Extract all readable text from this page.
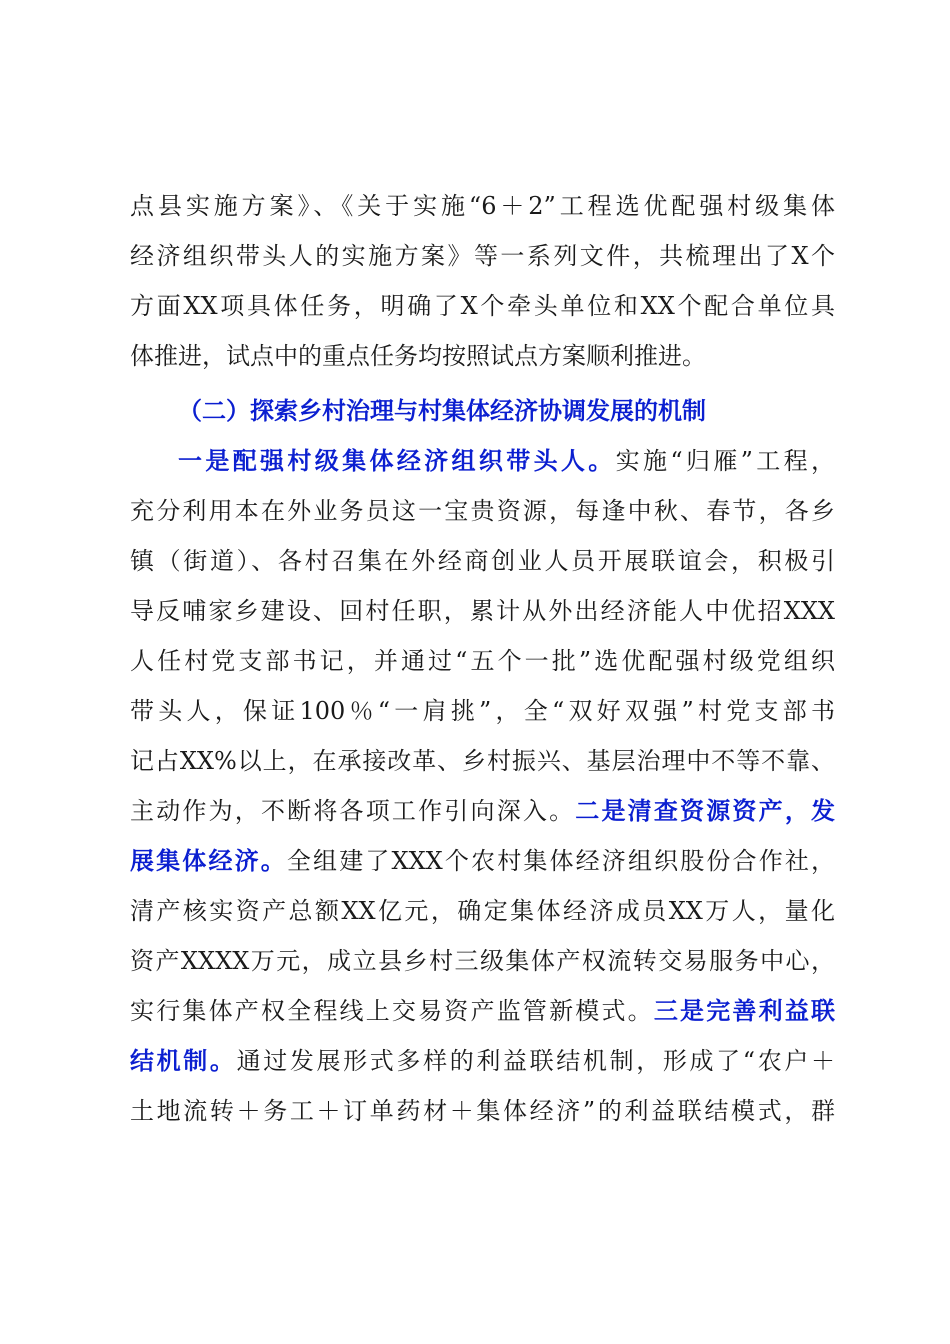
点县实施方案》、《关于实施“6＋2”工程选优配强村级集体
经济组织带头人的实施方案》等一系列文件，共梳理出了X个
方面XX项具体任务，明确了X个牵头单位和XX个配合单位具
体推进，试点中的重点任务均按照试点方案顺利推进。
（二）探索乡村治理与村集体经济协调发展的机制
一是配强村级集体经济组织带头人。实施“归雁”工程，
充分利用本在外业务员这一宝贵资源，每逢中秋、春节，各乡
镇（街道）、各村召集在外经商创业人员开展联谊会，积极引
导反哺家乡建设、回村任职，累计从外出经济能人中优招XXX
人任村党支部书记，并通过“五个一批”选优配强村级党组织
带头人，保证100％“一肩挑”，全“双好双强”村党支部书
记占XX%以上，在承接改革、乡村振兴、基层治理中不等不靠、
主动作为，不断将各项工作引向深入。二是清查资源资产，发
展集体经济。全组建了XXX个农村集体经济组织股份合作社，
清产核实资产总额XX亿元，确定集体经济成员XX万人，量化
资产XXXX万元，成立县乡村三级集体产权流转交易服务中心，
实行集体产权全程线上交易资产监管新模式。三是完善利益联
结机制。通过发展形式多样的利益联结机制，形成了“农户＋
土地流转＋务工＋订单药材＋集体经济”的利益联结模式，群
